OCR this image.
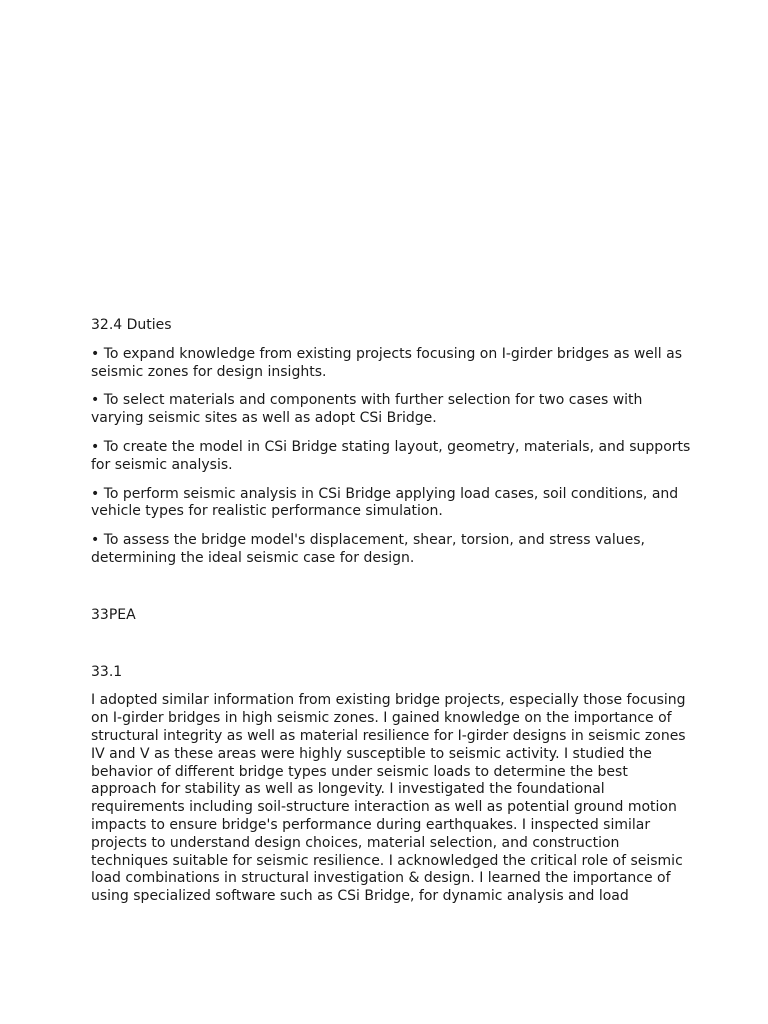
32.4 Duties

• To expand knowledge from existing projects focusing on I-girder bridges as well as seismic zones for design insights.

• To select materials and components with further selection for two cases with varying seismic sites as well as adopt CSi Bridge.

• To create the model in CSi Bridge stating layout, geometry, materials, and supports for seismic analysis.

• To perform seismic analysis in CSi Bridge applying load cases, soil conditions, and vehicle types for realistic performance simulation.

• To assess the bridge model's displacement, shear, torsion, and stress values, determining the ideal seismic case for design.

33PEA

33.1

I adopted similar information from existing bridge projects, especially those focusing on I-girder bridges in high seismic zones. I gained knowledge on the importance of structural integrity as well as material resilience for I-girder designs in seismic zones IV and V as these areas were highly susceptible to seismic activity. I studied the behavior of different bridge types under seismic loads to determine the best approach for stability as well as longevity. I investigated the foundational requirements including soil-structure interaction as well as potential ground motion impacts to ensure bridge's performance during earthquakes. I inspected similar projects to understand design choices, material selection, and construction techniques suitable for seismic resilience. I acknowledged the critical role of seismic load combinations in structural investigation & design. I learned the importance of using specialized software such as CSi Bridge, for dynamic analysis and load
